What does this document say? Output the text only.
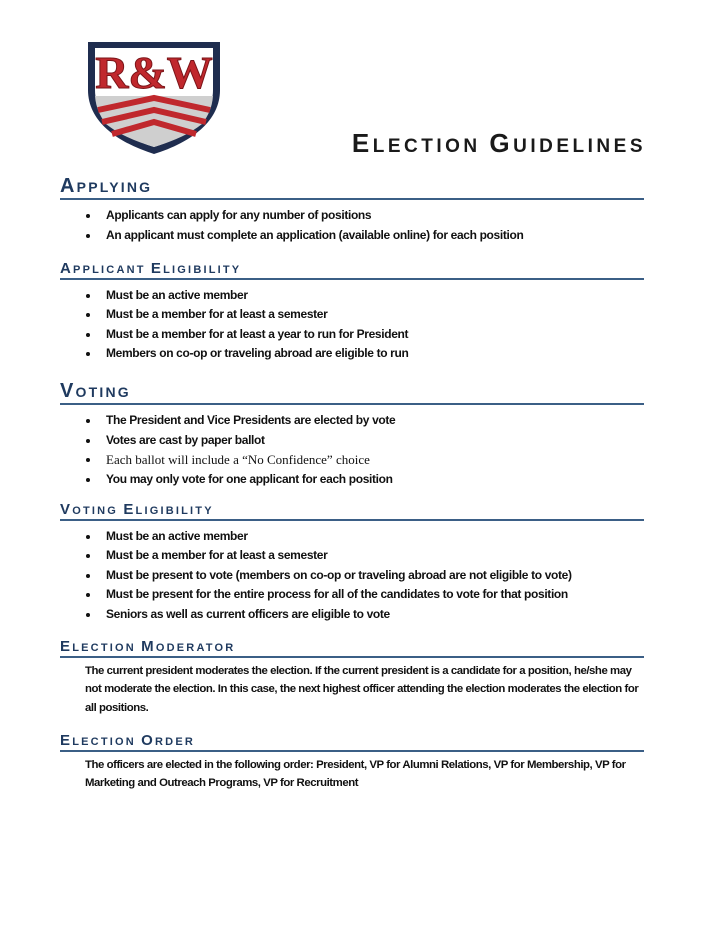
R&W
ELECTION GUIDELINES
APPLYING
Applicants can apply for any number of positions
An applicant must complete an application (available online) for each position
APPLICANT ELIGIBILITY
Must be an active member
Must be a member for at least a semester
Must be a member for at least a year to run for President
Members on co-op or traveling abroad are eligible to run
VOTING
The President and Vice Presidents are elected by vote
Votes are cast by paper ballot
Each ballot will include a “No Confidence” choice
You may only vote for one applicant for each position
VOTING ELIGIBILITY
Must be an active member
Must be a member for at least a semester
Must be present to vote (members on co-op or traveling abroad are not eligible to vote)
Must be present for the entire process for all of the candidates to vote for that position
Seniors as well as current officers are eligible to vote
ELECTION MODERATOR

The current president moderates the election. If the current president is a candidate for a position, he/she may not moderate the election. In this case, the next highest officer attending the election moderates the election for all positions.

ELECTION ORDER

The officers are elected in the following order: President, VP for Alumni Relations, VP for Membership, VP for Marketing and Outreach Programs, VP for Recruitment
